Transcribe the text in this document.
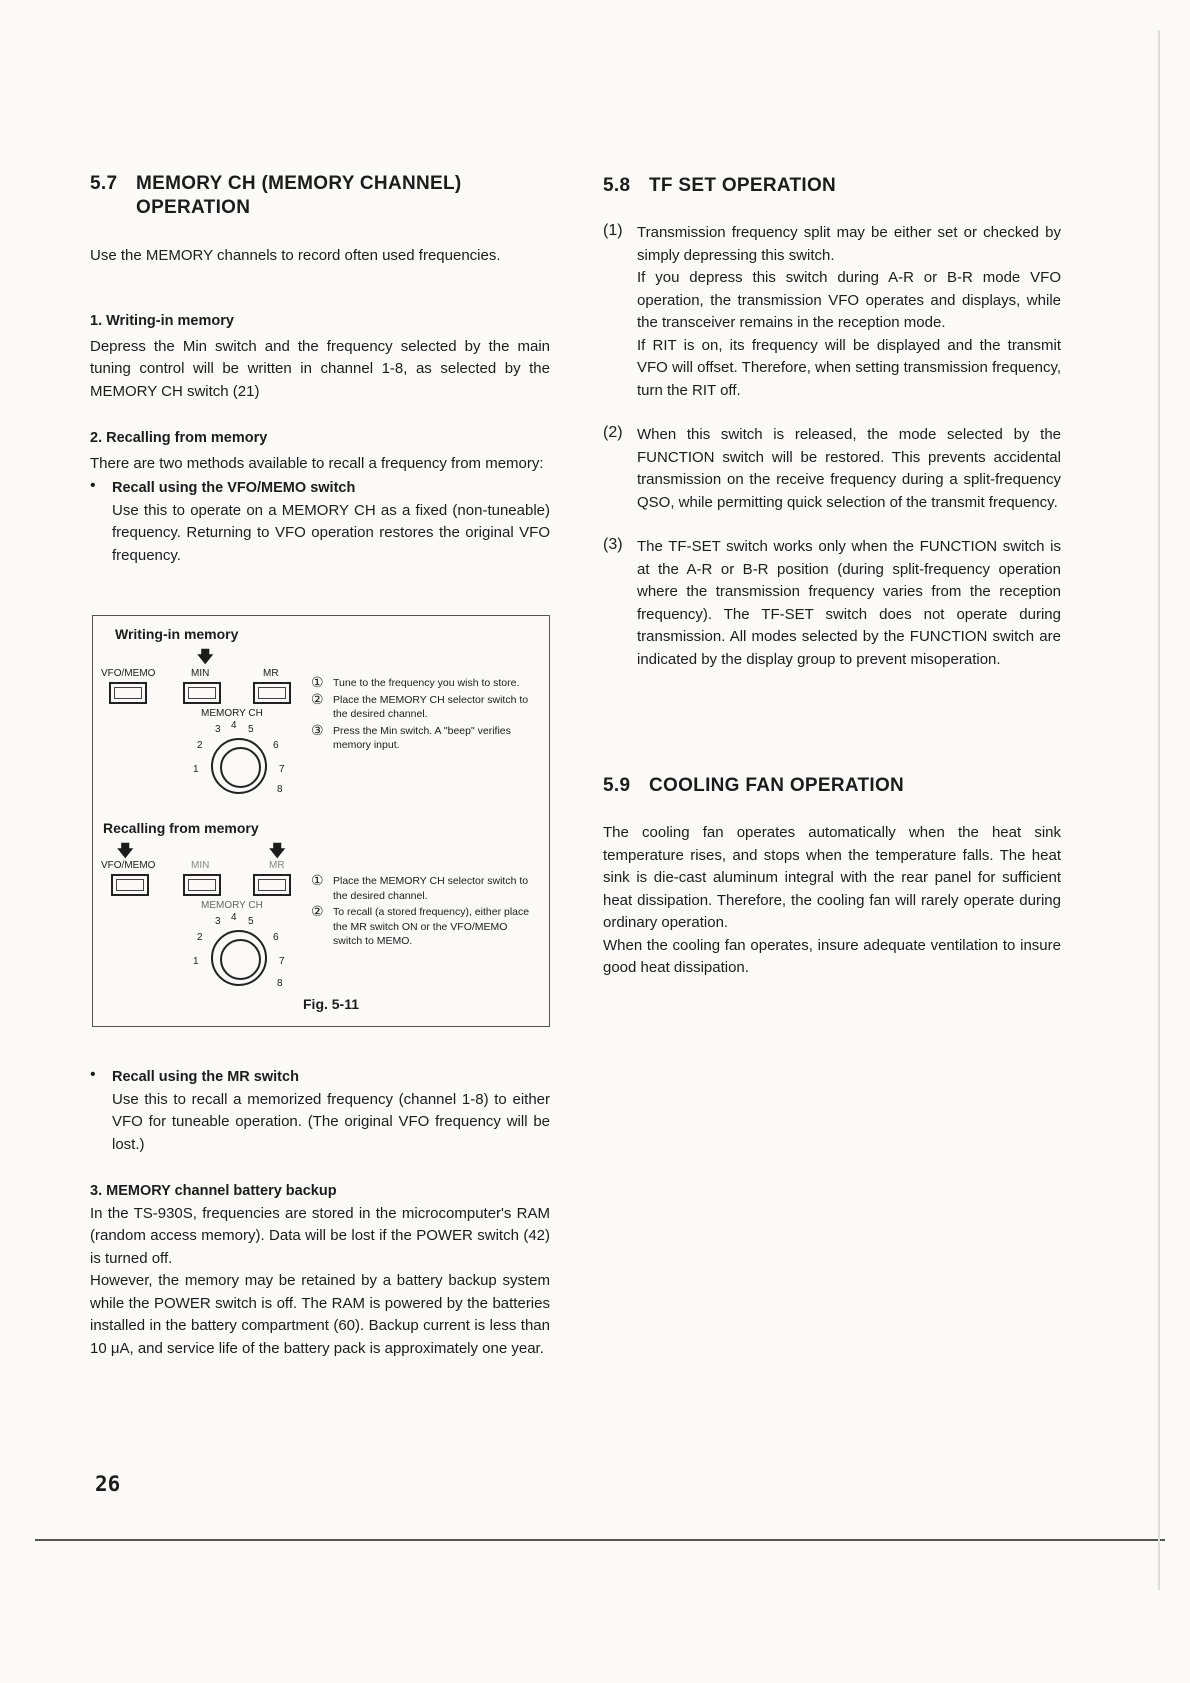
5.7 MEMORY CH (MEMORY CHANNEL)
OPERATION

Use the MEMORY channels to record often used frequencies.

1. Writing-in memory

Depress the Min switch and the frequency selected by the main tuning control will be written in channel 1-8, as selected by the MEMORY CH switch (21)

2. Recalling from memory

There are two methods available to recall a frequency from memory:

• Recall using the VFO/MEMO switch

Use this to operate on a MEMORY CH as a fixed (non-tuneable) frequency. Returning to VFO operation restores the original VFO frequency.

Writing-in memory
🡇
VFO/MEMO	MIN	MR
MEMORY CH
3 4 5
2	6
1	7
8
① Tune to the frequency you wish to store.
② Place the MEMORY CH selector switch to the desired channel.
③ Press the Min switch. A "beep" verifies memory input.
Recalling from memory
🡇	🡇
VFO/MEMO	MIN	MR
MEMORY CH
3 4 5
2	6
1	7
8
① Place the MEMORY CH selector switch to the desired channel.
② To recall (a stored frequency), either place the MR switch ON or the VFO/MEMO switch to MEMO.
Fig. 5-11
• Recall using the MR switch

Use this to recall a memorized frequency (channel 1-8) to either VFO for tuneable operation. (The original VFO frequency will be lost.)

3. MEMORY channel battery backup

In the TS-930S, frequencies are stored in the microcomputer's RAM (random access memory). Data will be lost if the POWER switch (42) is turned off.

However, the memory may be retained by a battery backup system while the POWER switch is off. The RAM is powered by the batteries installed in the battery compartment (60). Backup current is less than 10 μA, and service life of the battery pack is approximately one year.

5.8 TF SET OPERATION
(1) Transmission frequency split may be either set or checked by simply depressing this switch.

If you depress this switch during A-R or B-R mode VFO operation, the transmission VFO operates and displays, while the transceiver remains in the reception mode.

If RIT is on, its frequency will be displayed and the transmit VFO will offset. Therefore, when setting transmission frequency, turn the RIT off.

(2) When this switch is released, the mode selected by the FUNCTION switch will be restored. This prevents accidental transmission on the receive frequency during a split-frequency QSO, while permitting quick selection of the transmit frequency.

(3) The TF-SET switch works only when the FUNCTION switch is at the A-R or B-R position (during split-frequency operation where the transmission frequency varies from the reception frequency). The TF-SET switch does not operate during transmission. All modes selected by the FUNCTION switch are indicated by the display group to prevent misoperation.

5.9 COOLING FAN OPERATION

The cooling fan operates automatically when the heat sink temperature rises, and stops when the temperature falls. The heat sink is die-cast aluminum integral with the rear panel for sufficient heat dissipation. Therefore, the cooling fan will rarely operate during ordinary operation.

When the cooling fan operates, insure adequate ventilation to insure good heat dissipation.

26
